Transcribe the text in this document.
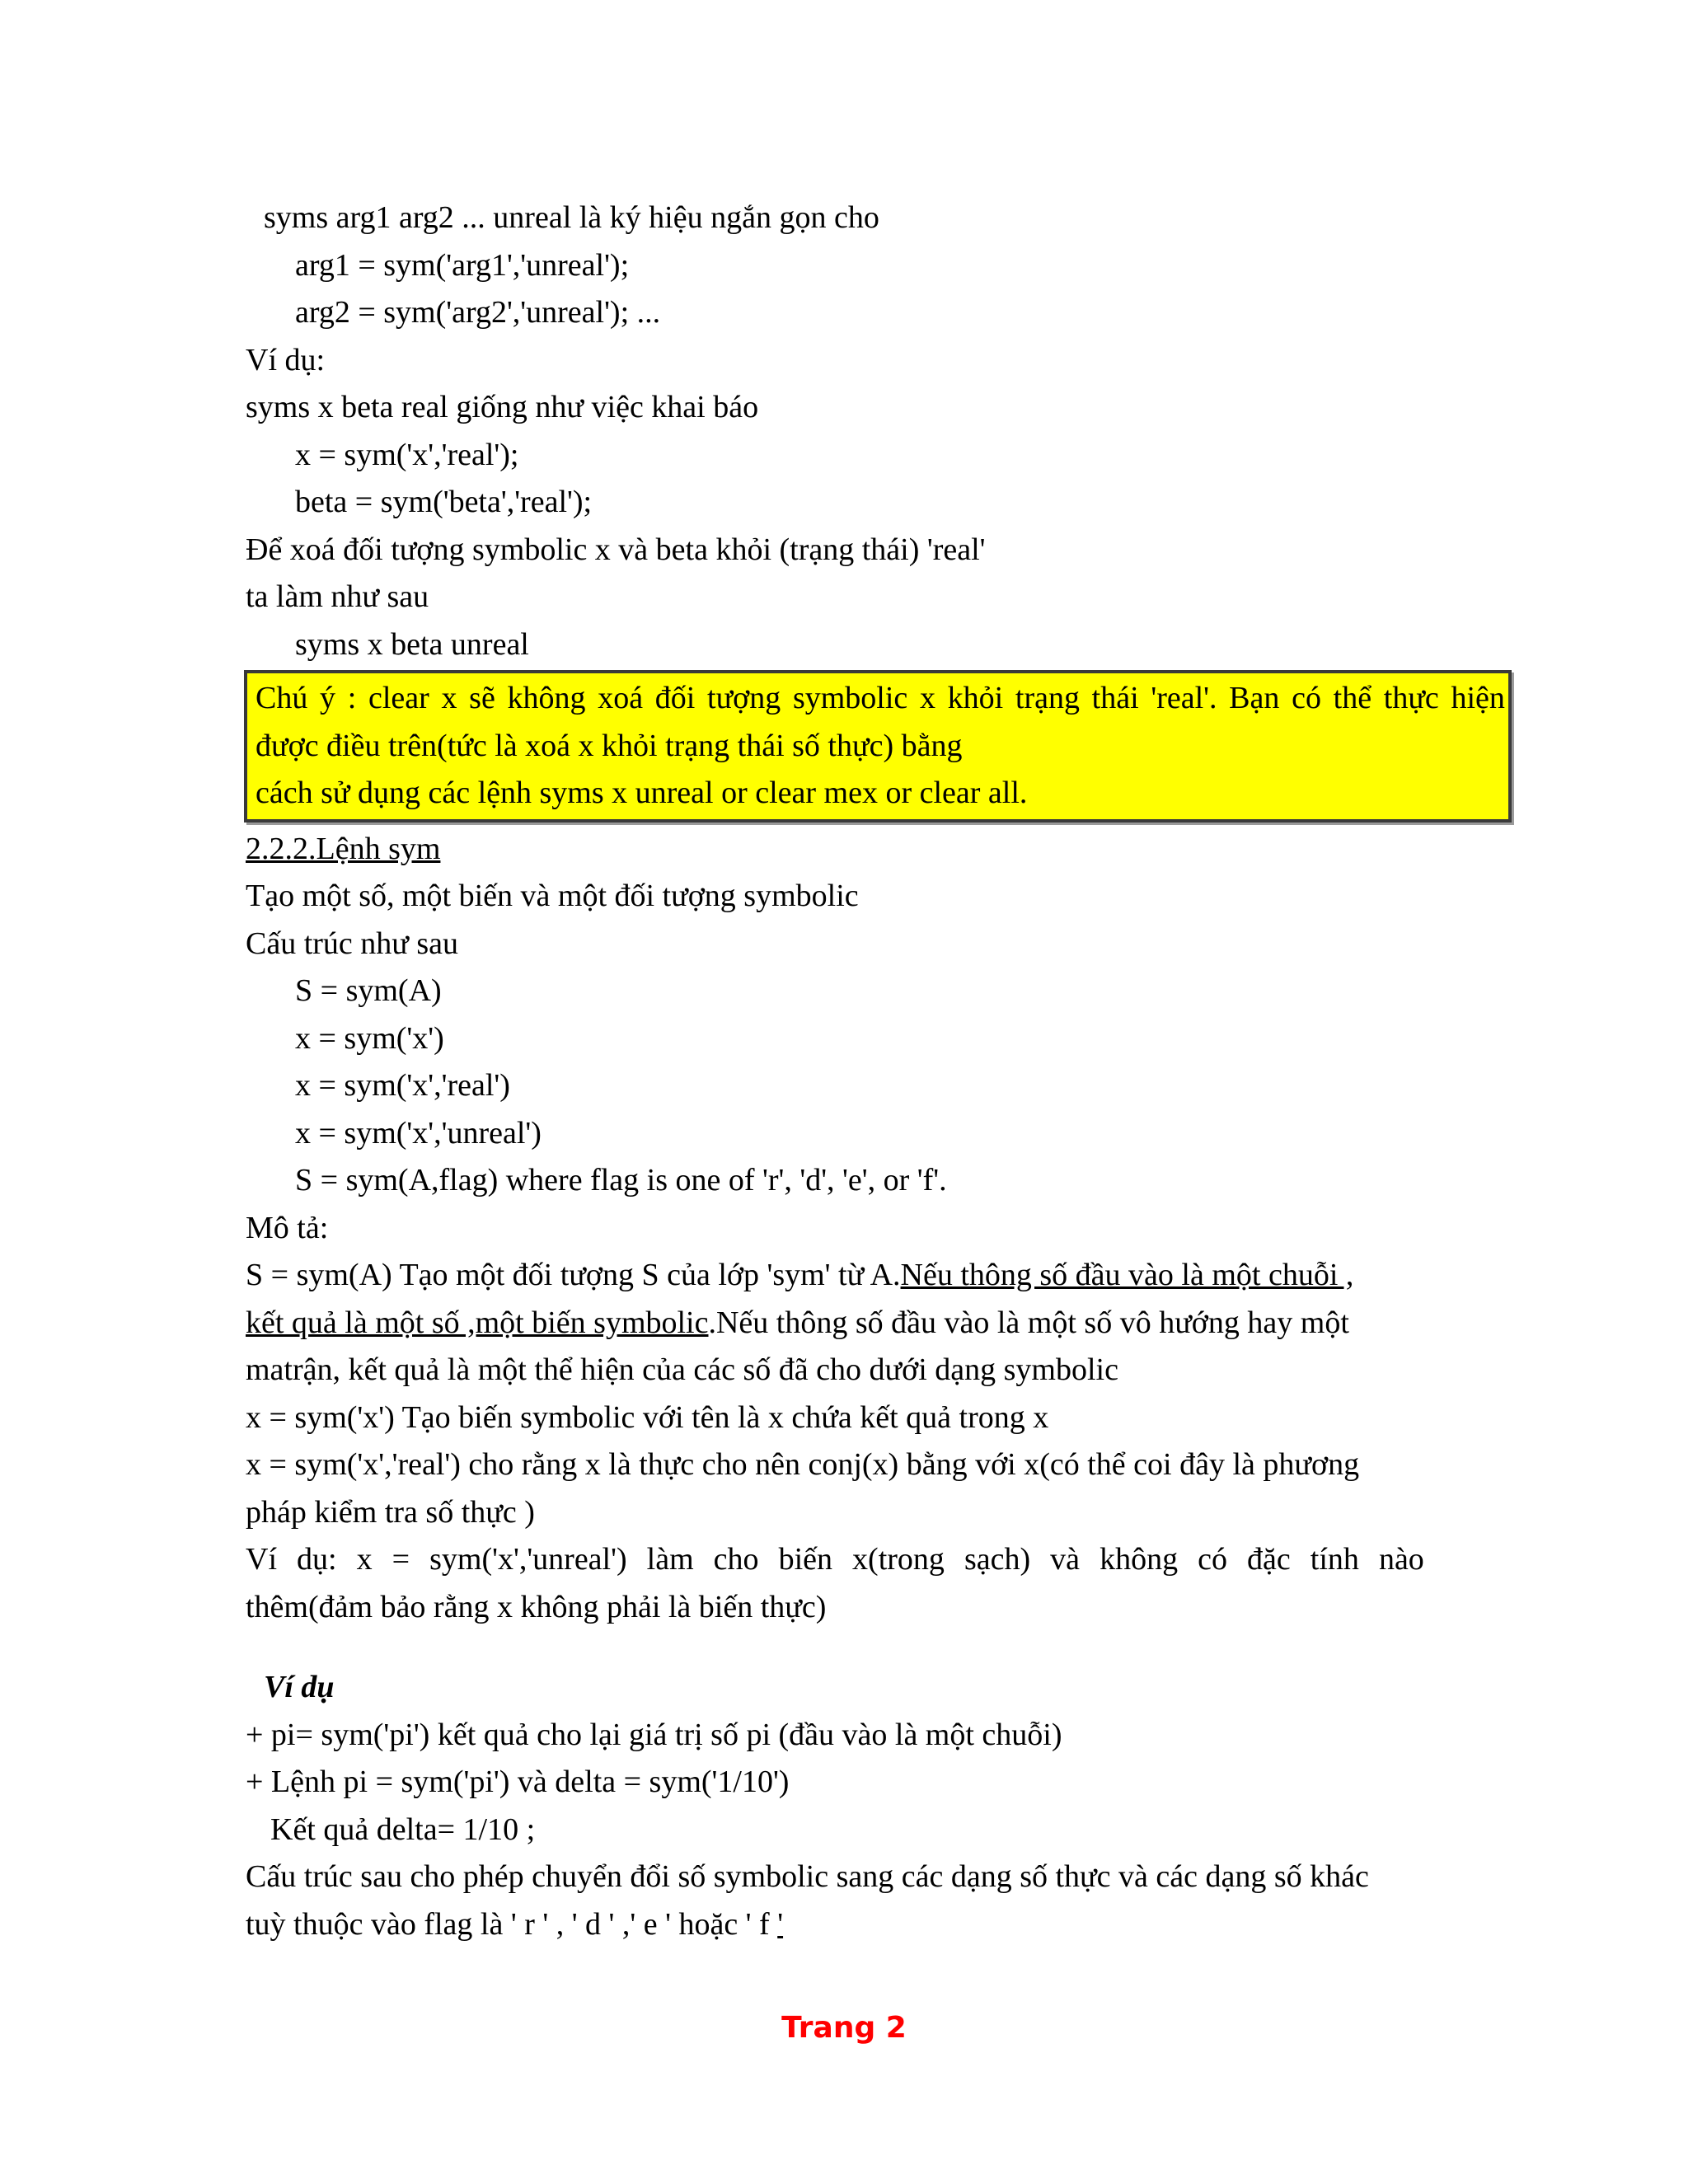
syms arg1 arg2 ... unreal là ký hiệu ngắn gọn cho
arg1 = sym('arg1','unreal');
arg2 = sym('arg2','unreal'); ...
Ví dụ:
syms x beta real giống như việc khai báo
x = sym('x','real');
beta = sym('beta','real');
Để xoá đối tượng symbolic x và beta khỏi (trạng thái) 'real'
ta làm như sau
syms x beta unreal
Chú ý : clear x sẽ không xoá đối tượng symbolic x khỏi trạng thái 'real'. Bạn có thể thực hiện
được điều trên(tức là xoá x khỏi trạng thái số thực) bằng
cách sử dụng các lệnh syms x unreal or clear mex or clear all.
2.2.2.Lệnh sym
Tạo một số, một biến và một đối tượng symbolic
Cấu trúc như sau
S = sym(A)
x = sym('x')
x = sym('x','real')
x = sym('x','unreal')
S = sym(A,flag) where flag is one of 'r', 'd', 'e', or 'f'.
Mô tả:
S = sym(A) Tạo một đối tượng S của lớp 'sym' từ A.Nếu thông số đầu vào là một chuỗi ,
kết quả là một số ,một biến symbolic.Nếu thông số đầu vào là một số vô hướng hay một
matrận, kết quả là một thể hiện của các số đã cho dưới dạng symbolic
x = sym('x') Tạo biến symbolic với tên là x chứa kết quả trong x
x = sym('x','real') cho rằng x là thực cho nên conj(x) bằng với x(có thể coi đây là phương
pháp kiểm tra số thực )
Ví dụ: x = sym('x','unreal') làm cho biến x(trong sạch) và không có đặc tính nào
thêm(đảm bảo rằng x không phải là biến thực)
Ví dụ
+ pi= sym('pi') kết quả cho lại giá trị số pi (đầu vào là một chuỗi)
+ Lệnh pi = sym('pi') và delta = sym('1/10')
Kết quả delta= 1/10 ;
Cấu trúc sau cho phép chuyển đổi số symbolic sang các dạng số thực và các dạng số khác
tuỳ thuộc vào flag là ' r ' , ' d ' ,' e ' hoặc ' f '
Trang 2
